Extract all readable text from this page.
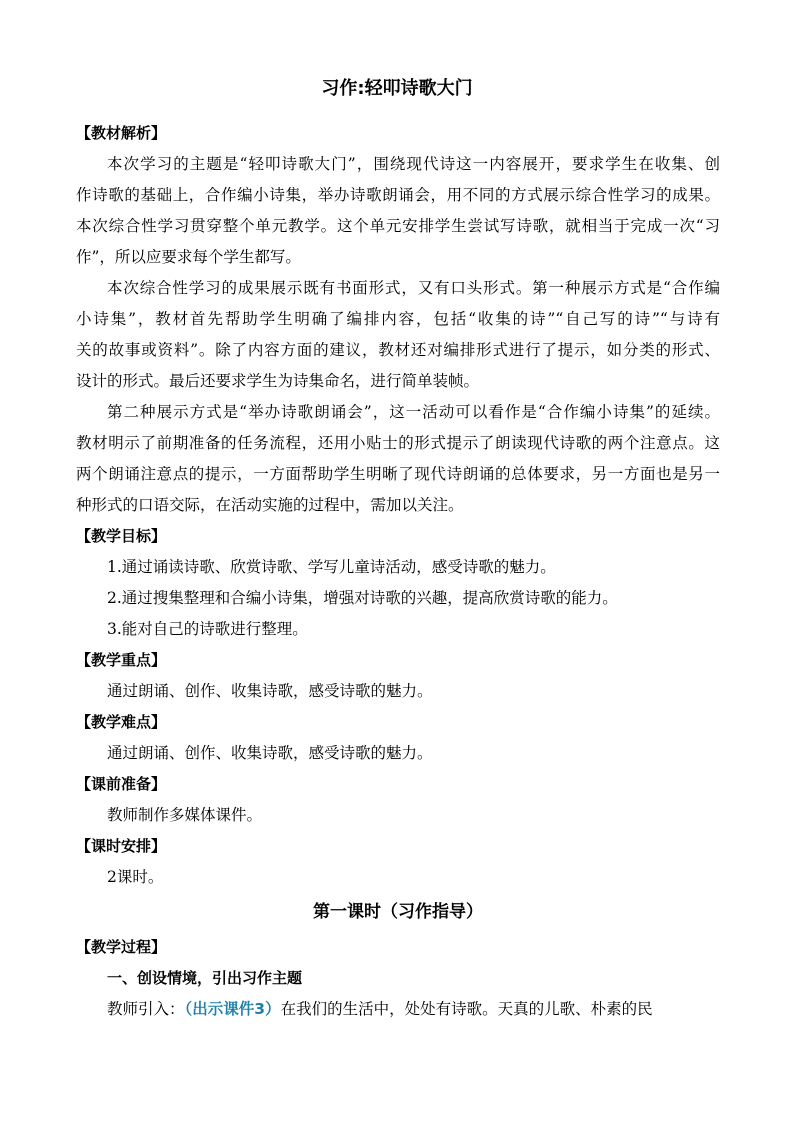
习作:轻叩诗歌大门
【教材解析】
本次学习的主题是“轻叩诗歌大门”，围绕现代诗这一内容展开，要求学生在收集、创
作诗歌的基础上，合作编小诗集，举办诗歌朗诵会，用不同的方式展示综合性学习的成果。
本次综合性学习贯穿整个单元教学。这个单元安排学生尝试写诗歌，就相当于完成一次“习
作”，所以应要求每个学生都写。
本次综合性学习的成果展示既有书面形式，又有口头形式。第一种展示方式是“合作编
小诗集”，教材首先帮助学生明确了编排内容，包括“收集的诗”“自己写的诗”“与诗有
关的故事或资料”。除了内容方面的建议，教材还对编排形式进行了提示，如分类的形式、
设计的形式。最后还要求学生为诗集命名，进行简单装帧。
第二种展示方式是“举办诗歌朗诵会”，这一活动可以看作是“合作编小诗集”的延续。
教材明示了前期准备的任务流程，还用小贴士的形式提示了朗读现代诗歌的两个注意点。这
两个朗诵注意点的提示，一方面帮助学生明晰了现代诗朗诵的总体要求，另一方面也是另一
种形式的口语交际，在活动实施的过程中，需加以关注。
【教学目标】
1.通过诵读诗歌、欣赏诗歌、学写儿童诗活动，感受诗歌的魅力。
2.通过搜集整理和合编小诗集，增强对诗歌的兴趣，提高欣赏诗歌的能力。
3.能对自己的诗歌进行整理。
【教学重点】
通过朗诵、创作、收集诗歌，感受诗歌的魅力。
【教学难点】
通过朗诵、创作、收集诗歌，感受诗歌的魅力。
【课前准备】
教师制作多媒体课件。
【课时安排】
2课时。
第一课时（习作指导）
【教学过程】
一、创设情境，引出习作主题
教师引入：（出示课件3）在我们的生活中，处处有诗歌。天真的儿歌、朴素的民
